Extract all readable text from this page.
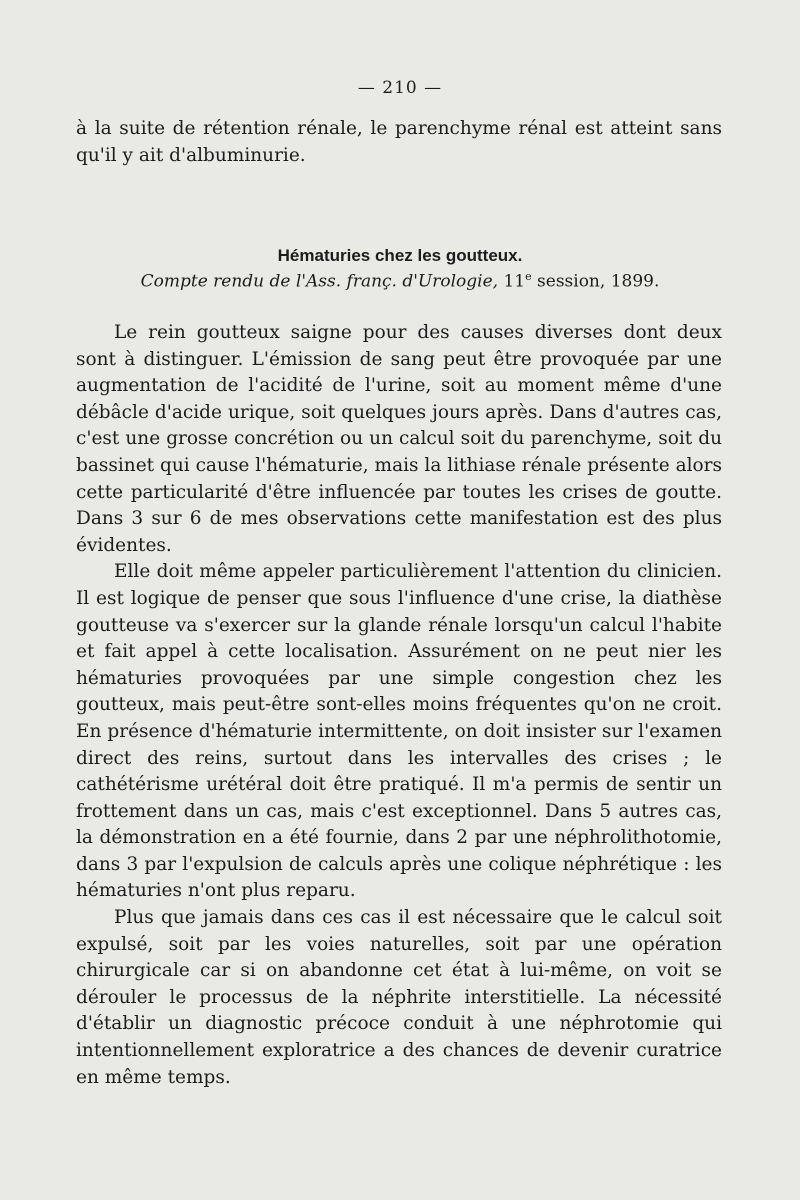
— 210 —

à la suite de rétention rénale, le parenchyme rénal est atteint sans qu'il y ait d'albuminurie.

Hématuries chez les goutteux.
Compte rendu de l'Ass. franç. d'Urologie, 11e session, 1899.

Le rein goutteux saigne pour des causes diverses dont deux sont à distinguer. L'émission de sang peut être provoquée par une augmentation de l'acidité de l'urine, soit au moment même d'une débâcle d'acide urique, soit quelques jours après. Dans d'autres cas, c'est une grosse concrétion ou un calcul soit du parenchyme, soit du bassinet qui cause l'hématurie, mais la lithiase rénale présente alors cette particularité d'être influencée par toutes les crises de goutte. Dans 3 sur 6 de mes observations cette manifestation est des plus évidentes.

Elle doit même appeler particulièrement l'attention du clinicien. Il est logique de penser que sous l'influence d'une crise, la diathèse goutteuse va s'exercer sur la glande rénale lorsqu'un calcul l'habite et fait appel à cette localisation. Assurément on ne peut nier les hématuries provoquées par une simple congestion chez les goutteux, mais peut-être sont-elles moins fréquentes qu'on ne croit. En présence d'hématurie intermittente, on doit insister sur l'examen direct des reins, surtout dans les intervalles des crises ; le cathétérisme urétéral doit être pratiqué. Il m'a permis de sentir un frottement dans un cas, mais c'est exceptionnel. Dans 5 autres cas, la démonstration en a été fournie, dans 2 par une néphrolithotomie, dans 3 par l'expulsion de calculs après une colique néphrétique : les hématuries n'ont plus reparu.

Plus que jamais dans ces cas il est nécessaire que le calcul soit expulsé, soit par les voies naturelles, soit par une opération chirurgicale car si on abandonne cet état à lui-même, on voit se dérouler le processus de la néphrite interstitielle. La nécessité d'établir un diagnostic précoce conduit à une néphrotomie qui intentionnellement exploratrice a des chances de devenir curatrice en même temps.
